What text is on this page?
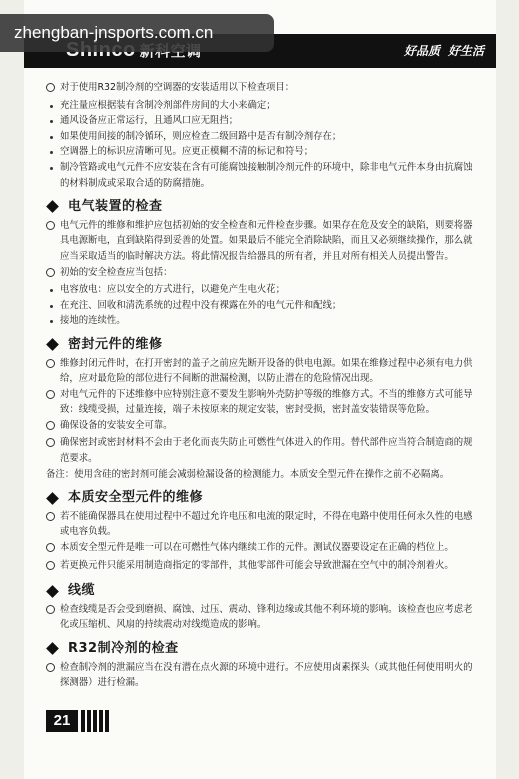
好品质 好生活
对于使用R32制冷剂的空调器的安装适用以下检查项目：
充注量应根据装有含制冷剂部件房间的大小来确定；
通风设备应正常运行，且通风口应无阻挡；
如果使用间接的制冷循环，则应检查二级回路中是否有制冷剂存在；
空调器上的标识应清晰可见。应更正模糊不清的标记和符号；
制冷管路或电气元件不应安装在含有可能腐蚀接触制冷剂元件的环境中，除非电气元件本身由抗腐蚀的材料制成或采取合适的防腐措施。
电气装置的检查
电气元件的维修和维护应包括初始的安全检查和元件检查步骤。如果存在危及安全的缺陷，则要将器具电源断电，直到缺陷得到妥善的处置。如果最后不能完全消除缺陷，而且又必须继续操作，那么就应当采取适当的临时解决方法。将此情况报告给器具的所有者，并且对所有相关人员提出警告。
初始的安全检查应当包括：
电容放电：应以安全的方式进行，以避免产生电火花；
在充注、回收和清洗系统的过程中没有裸露在外的电气元件和配线；
接地的连续性。
密封元件的维修
维修封闭元件时，在打开密封的盖子之前应先断开设备的供电电源。如果在维修过程中必须有电力供给，应对最危险的部位进行不间断的泄漏检测，以防止潜在的危险情况出现。
对电气元件的下述维修中应特别注意不要发生影响外壳防护等级的维修方式。不当的维修方式可能导致：线缆受损，过量连接，端子未按原来的规定安装，密封受损，密封盖安装错误等危险。
确保设备的安装安全可靠。
确保密封或密封材料不会由于老化而丧失防止可燃性气体进入的作用。替代部件应当符合制造商的规范要求。
备注： 使用含硅的密封剂可能会减弱检漏设备的检测能力。本质安全型元件在操作之前不必隔离。
本质安全型元件的维修
若不能确保器具在使用过程中不超过允许电压和电流的限定时，不得在电路中使用任何永久性的电感或电容负载。
本质安全型元件是唯一可以在可燃性气体内继续工作的元件。测试仪器要设定在正确的档位上。
若更换元件只能采用制造商指定的零部件，其他零部件可能会导致泄漏在空气中的制冷剂着火。
线缆
检查线缆是否会受到磨损、腐蚀、过压、震动、锋利边缘或其他不利环境的影响。该检查也应考虑老化或压缩机、风扇的持续震动对线缆造成的影响。
R32制冷剂的检查
检查制冷剂的泄漏应当在没有潜在点火源的环境中进行。不应使用卤素探头（或其他任何使用明火的探测器）进行检漏。
21
zhengban-jnsports.com.cn
